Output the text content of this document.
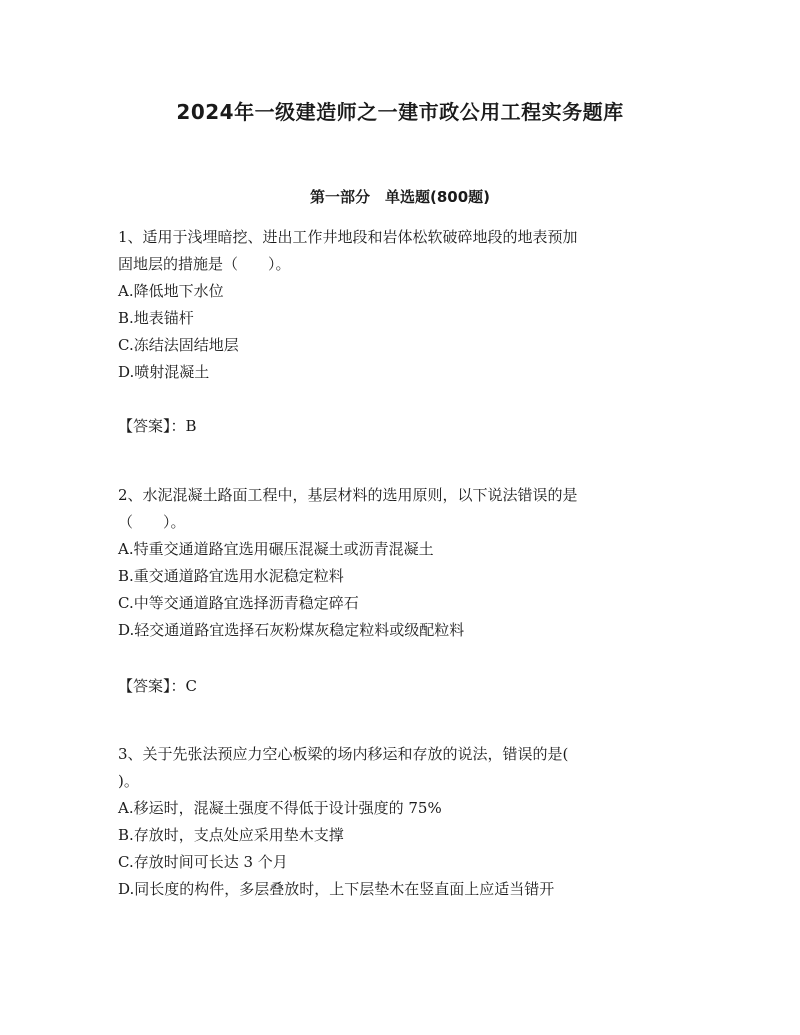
2024年一级建造师之一建市政公用工程实务题库
第一部分　单选题(800题)
1、适用于浅埋暗挖、进出工作井地段和岩体松软破碎地段的地表预加
固地层的措施是（　　）。
A.降低地下水位
B.地表锚杆
C.冻结法固结地层
D.喷射混凝土
【答案】：B
2、水泥混凝土路面工程中，基层材料的选用原则，以下说法错误的是
（　　）。
A.特重交通道路宜选用碾压混凝土或沥青混凝土
B.重交通道路宜选用水泥稳定粒料
C.中等交通道路宜选择沥青稳定碎石
D.轻交通道路宜选择石灰粉煤灰稳定粒料或级配粒料
【答案】：C
3、关于先张法预应力空心板梁的场内移运和存放的说法，错误的是(
)。
A.移运时，混凝土强度不得低于设计强度的 75%
B.存放时，支点处应采用垫木支撑
C.存放时间可长达 3 个月
D.同长度的构件，多层叠放时，上下层垫木在竖直面上应适当错开
